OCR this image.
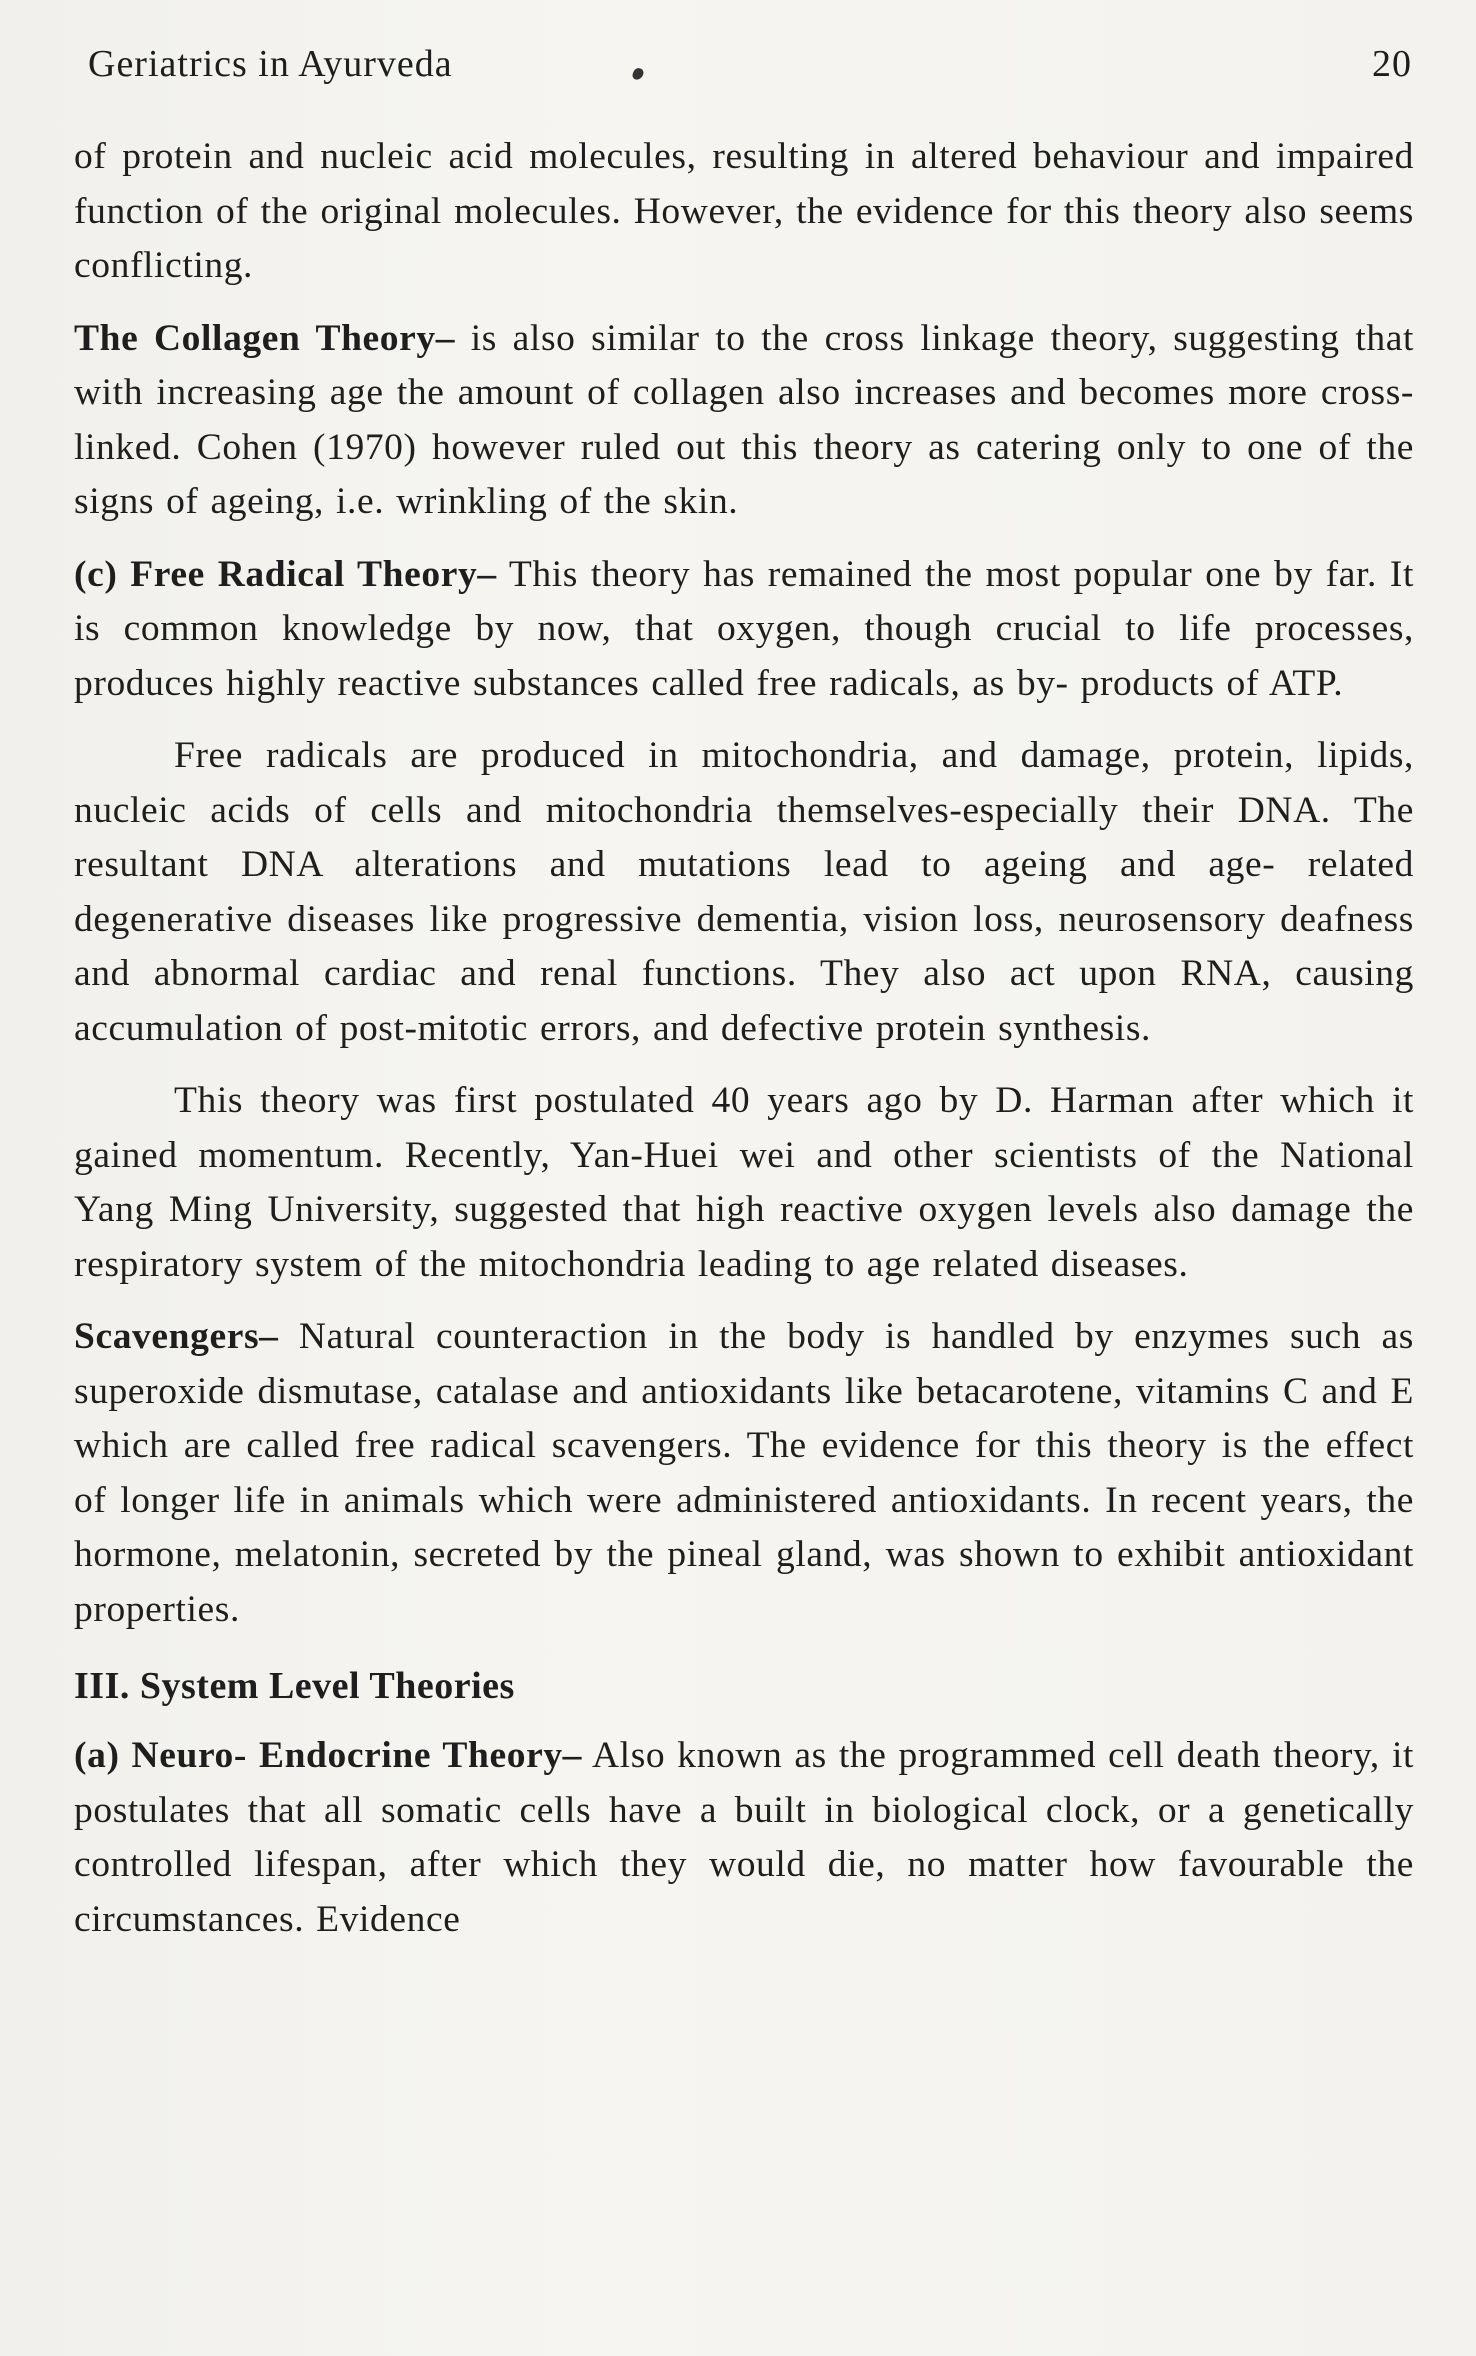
Geriatrics in Ayurveda	20

of protein and nucleic acid molecules, resulting in altered behaviour and impaired function of the original molecules. However, the evidence for this theory also seems conflicting.

The Collagen Theory– is also similar to the cross linkage theory, suggesting that with increasing age the amount of collagen also increases and becomes more cross- linked. Cohen (1970) however ruled out this theory as catering only to one of the signs of ageing, i.e. wrinkling of the skin.

(c) Free Radical Theory– This theory has remained the most popular one by far. It is common knowledge by now, that oxygen, though crucial to life processes, produces highly reactive substances called free radicals, as by- products of ATP.

Free radicals are produced in mitochondria, and damage, protein, lipids, nucleic acids of cells and mitochondria themselves-especially their DNA. The resultant DNA alterations and mutations lead to ageing and age- related degenerative diseases like progressive dementia, vision loss, neurosensory deafness and abnormal cardiac and renal functions. They also act upon RNA, causing accumulation of post-mitotic errors, and defective protein synthesis.

This theory was first postulated 40 years ago by D. Harman after which it gained momentum. Recently, Yan-Huei wei and other scientists of the National Yang Ming University, suggested that high reactive oxygen levels also damage the respiratory system of the mitochondria leading to age related diseases.

Scavengers– Natural counteraction in the body is handled by enzymes such as superoxide dismutase, catalase and antioxidants like betacarotene, vitamins C and E which are called free radical scavengers. The evidence for this theory is the effect of longer life in animals which were administered antioxidants. In recent years, the hormone, melatonin, secreted by the pineal gland, was shown to exhibit antioxidant properties.

III. System Level Theories

(a) Neuro- Endocrine Theory– Also known as the programmed cell death theory, it postulates that all somatic cells have a built in biological clock, or a genetically controlled lifespan, after which they would die, no matter how favourable the circumstances. Evidence
